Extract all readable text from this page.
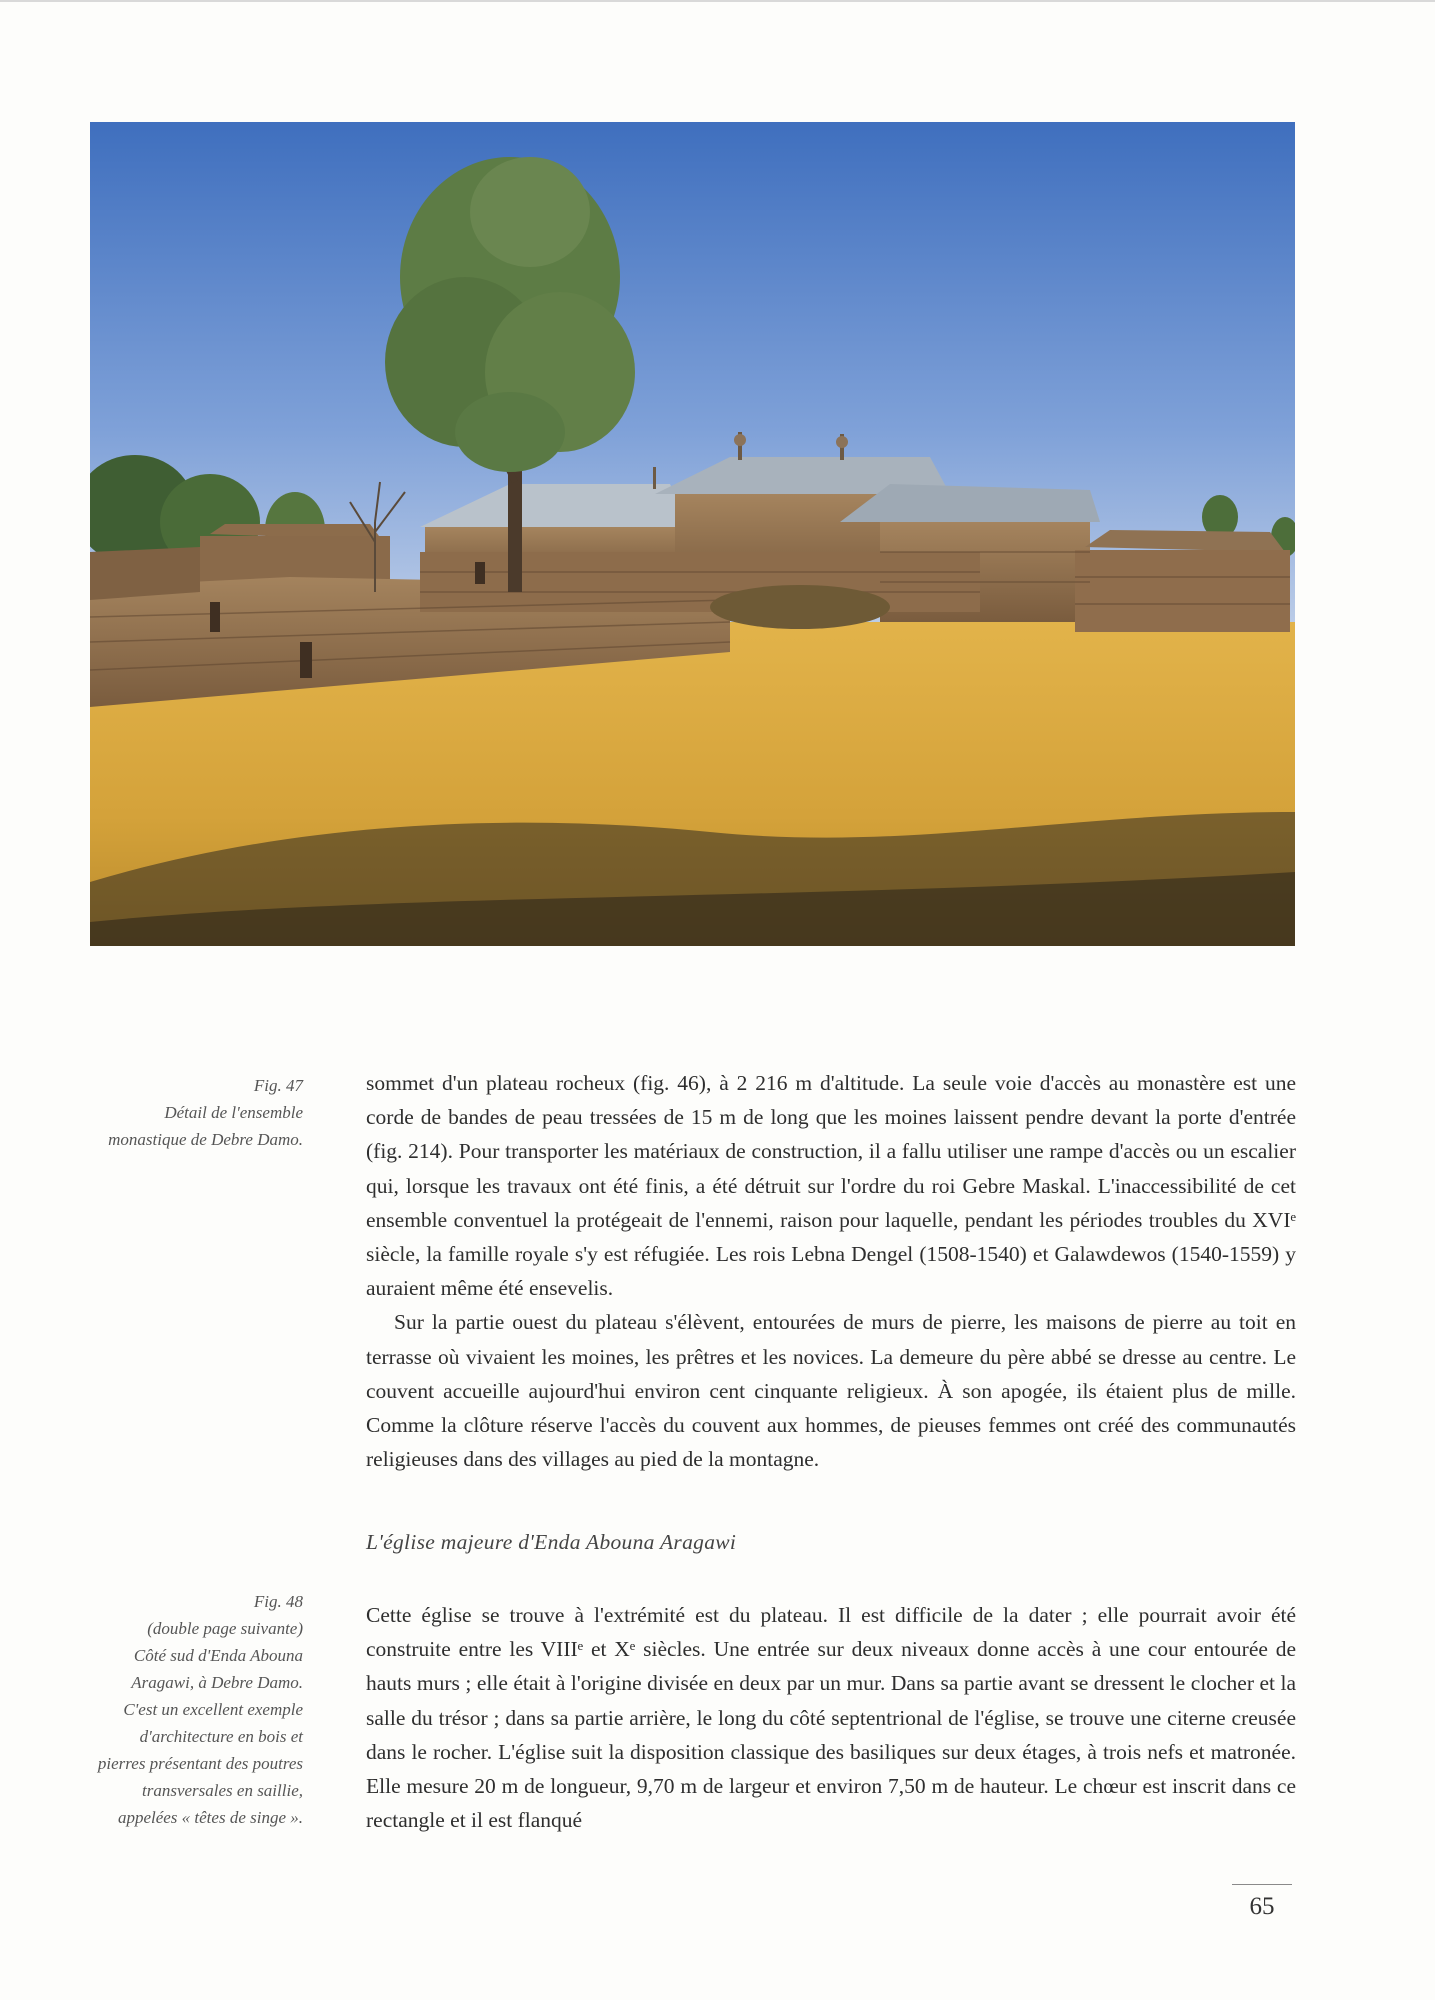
Fig. 47
Détail de l'ensemble
monastique de Debre Damo.

sommet d'un plateau rocheux (fig. 46), à 2 216 m d'altitude. La seule voie d'accès au monastère est une corde de bandes de peau tressées de 15 m de long que les moines laissent pendre devant la porte d'entrée (fig. 214). Pour transporter les matériaux de construction, il a fallu utiliser une rampe d'accès ou un escalier qui, lorsque les travaux ont été finis, a été détruit sur l'ordre du roi Gebre Maskal. L'inaccessibilité de cet ensemble conventuel la protégeait de l'ennemi, raison pour laquelle, pendant les périodes troubles du XVIᵉ siècle, la famille royale s'y est réfugiée. Les rois Lebna Dengel (1508-1540) et Galawdewos (1540-1559) y auraient même été ensevelis.

Sur la partie ouest du plateau s'élèvent, entourées de murs de pierre, les maisons de pierre au toit en terrasse où vivaient les moines, les prêtres et les novices. La demeure du père abbé se dresse au centre. Le couvent accueille aujourd'hui environ cent cinquante religieux. À son apogée, ils étaient plus de mille. Comme la clôture réserve l'accès du couvent aux hommes, de pieuses femmes ont créé des communautés religieuses dans des villages au pied de la montagne.

L'église majeure d'Enda Abouna Aragawi
Fig. 48
(double page suivante)
Côté sud d'Enda Abouna
Aragawi, à Debre Damo.
C'est un excellent exemple
d'architecture en bois et
pierres présentant des poutres
transversales en saillie,
appelées « têtes de singe ».

Cette église se trouve à l'extrémité est du plateau. Il est difficile de la dater ; elle pourrait avoir été construite entre les VIIIᵉ et Xᵉ siècles. Une entrée sur deux niveaux donne accès à une cour entourée de hauts murs ; elle était à l'origine divisée en deux par un mur. Dans sa partie avant se dressent le clocher et la salle du trésor ; dans sa partie arrière, le long du côté septentrional de l'église, se trouve une citerne creusée dans le rocher. L'église suit la disposition classique des basiliques sur deux étages, à trois nefs et matronée. Elle mesure 20 m de longueur, 9,70 m de largeur et environ 7,50 m de hauteur. Le chœur est inscrit dans ce rectangle et il est flanqué

65
